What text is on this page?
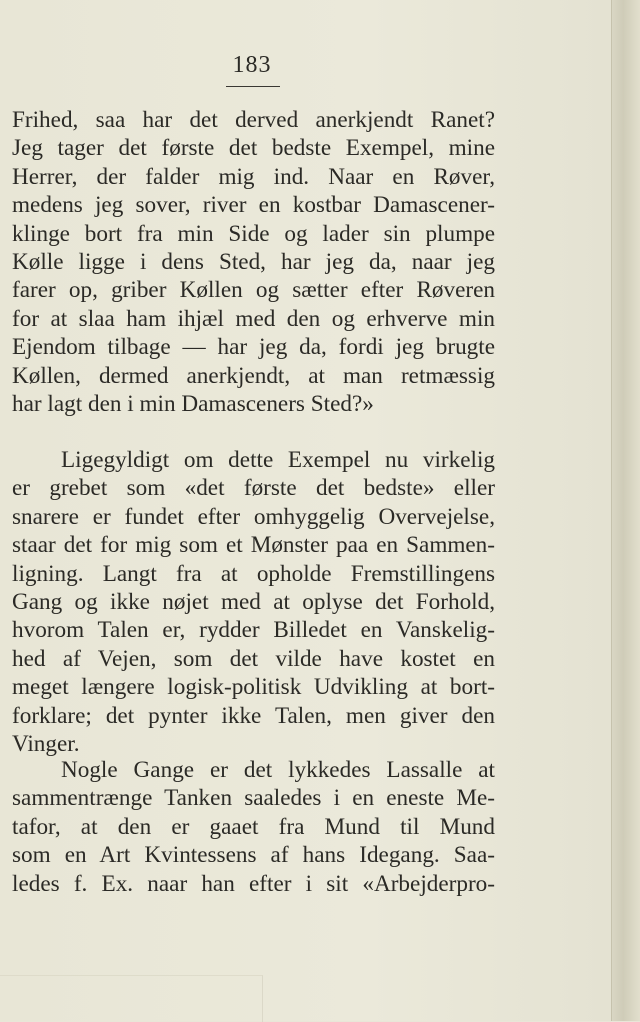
183
Frihed, saa har det derved anerkjendt Ranet?
Jeg tager det første det bedste Exempel, mine
Herrer, der falder mig ind. Naar en Røver,
medens jeg sover, river en kostbar Damascener-
klinge bort fra min Side og lader sin plumpe
Kølle ligge i dens Sted, har jeg da, naar jeg
farer op, griber Køllen og sætter efter Røveren
for at slaa ham ihjæl med den og erhverve min
Ejendom tilbage — har jeg da, fordi jeg brugte
Køllen, dermed anerkjendt, at man retmæssig
har lagt den i min Damasceners Sted?»
Ligegyldigt om dette Exempel nu virkelig
er grebet som «det første det bedste» eller
snarere er fundet efter omhyggelig Overvejelse,
staar det for mig som et Mønster paa en Sammen-
ligning. Langt fra at opholde Fremstillingens
Gang og ikke nøjet med at oplyse det Forhold,
hvorom Talen er, rydder Billedet en Vanskelig-
hed af Vejen, som det vilde have kostet en
meget længere logisk-politisk Udvikling at bort-
forklare; det pynter ikke Talen, men giver den
Vinger.
Nogle Gange er det lykkedes Lassalle at
sammentrænge Tanken saaledes i en eneste Me-
tafor, at den er gaaet fra Mund til Mund
som en Art Kvintessens af hans Idegang. Saa-
ledes f. Ex. naar han efter i sit «Arbejderpro-
